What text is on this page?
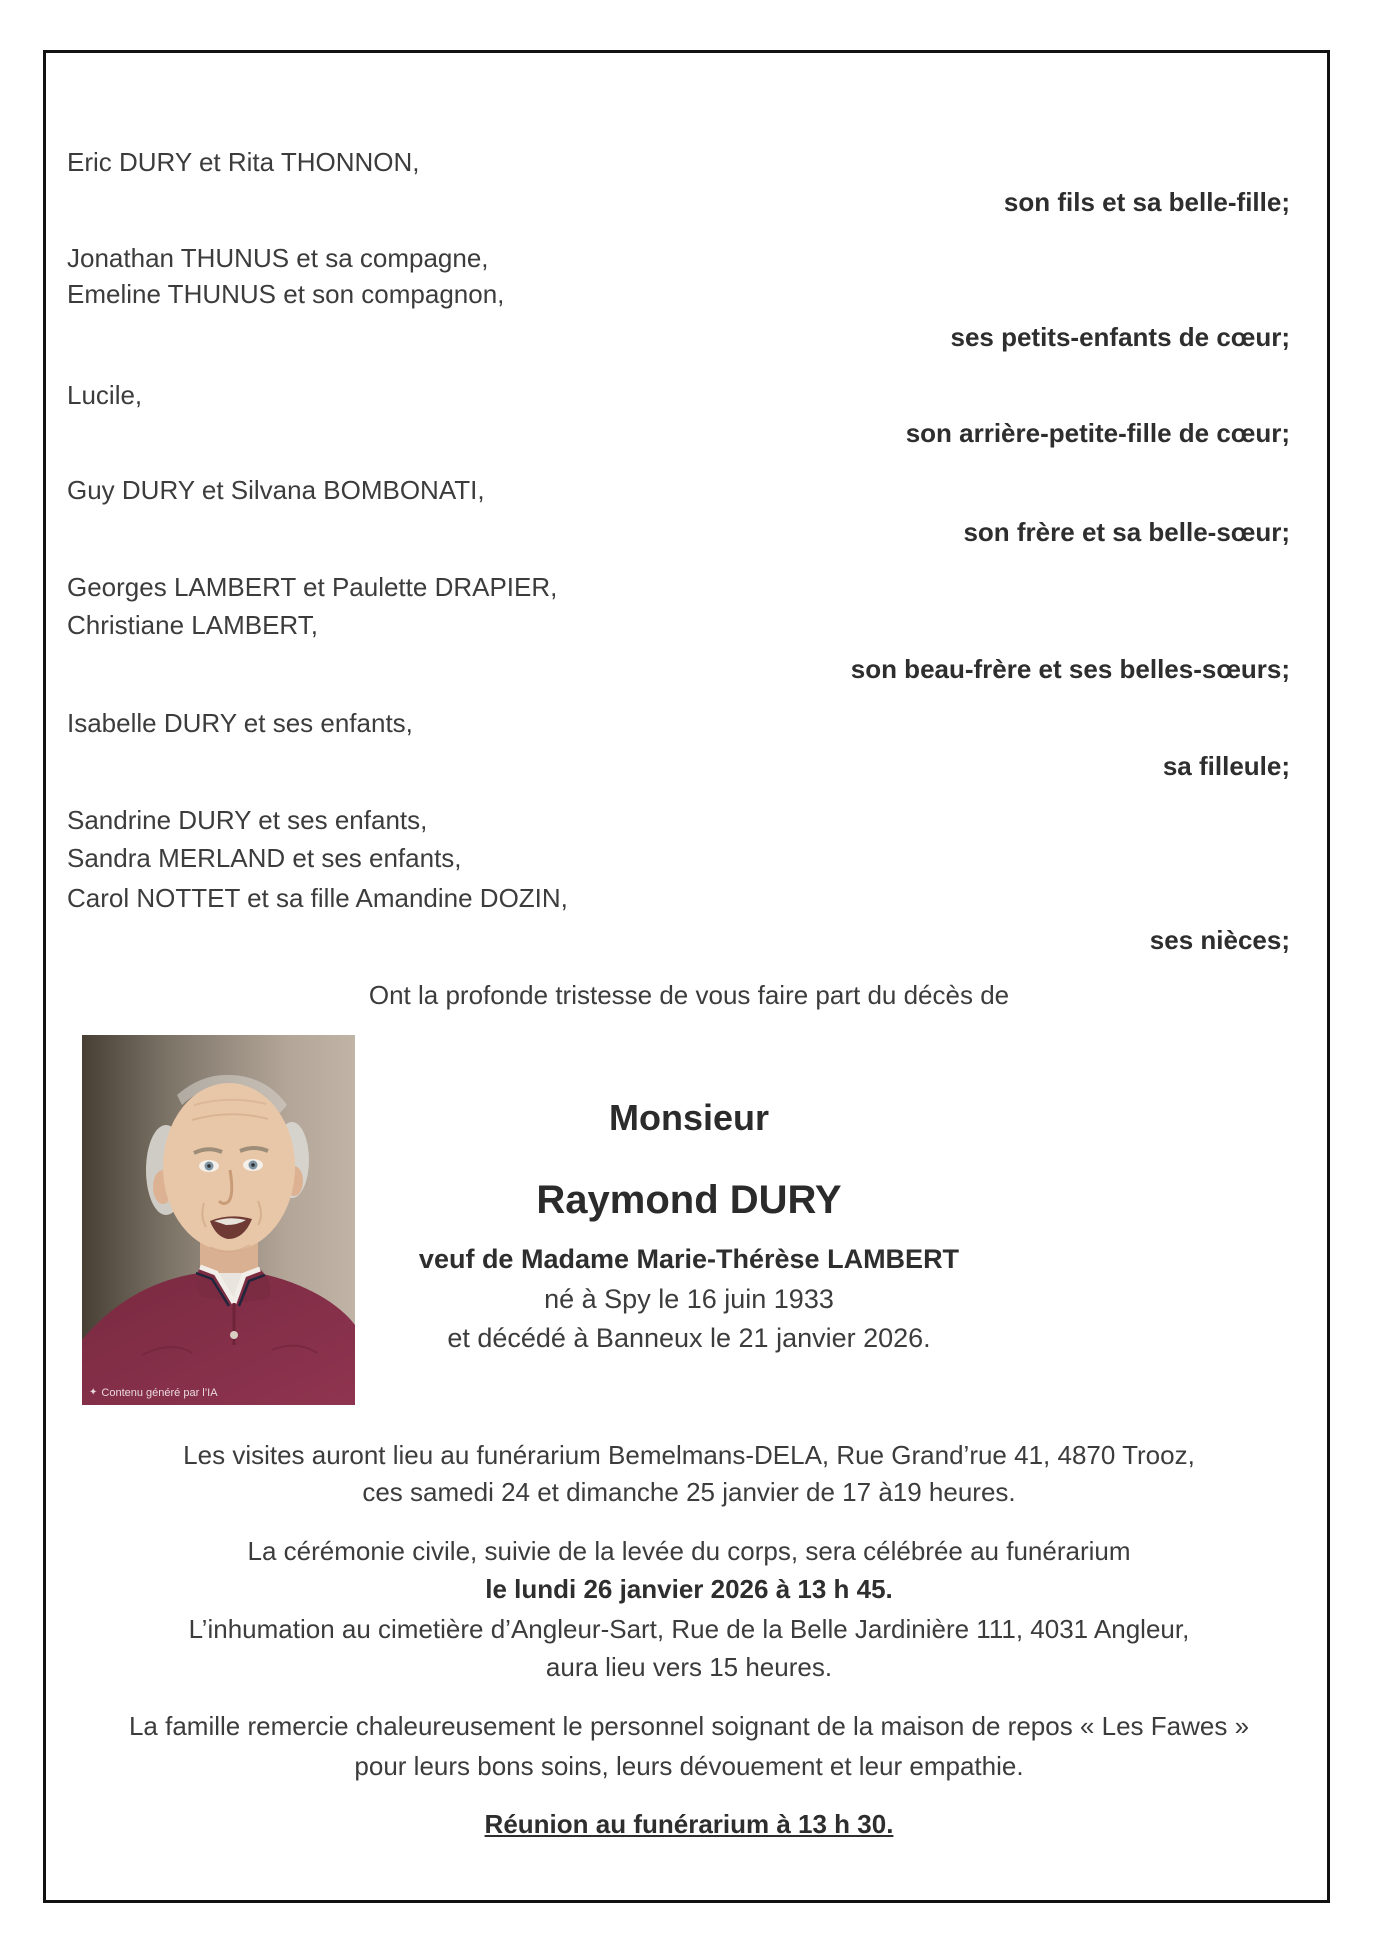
Eric DURY et Rita THONNON,
son fils et sa belle-fille;
Jonathan THUNUS et sa compagne,
Emeline THUNUS et son compagnon,
ses petits-enfants de cœur;
Lucile,
son arrière-petite-fille de cœur;
Guy DURY et Silvana BOMBONATI,
son frère et sa belle-sœur;
Georges LAMBERT et Paulette DRAPIER,
Christiane LAMBERT,
son beau-frère et ses belles-sœurs;
Isabelle DURY et ses enfants,
sa filleule;
Sandrine DURY et ses enfants,
Sandra MERLAND et ses enfants,
Carol NOTTET et sa fille Amandine DOZIN,
ses nièces;
Ont la profonde tristesse de vous faire part du décès de
✦ Contenu généré par l’IA
Monsieur
Raymond DURY
veuf de Madame Marie-Thérèse LAMBERT
né à Spy le 16 juin 1933
et décédé à Banneux le 21 janvier 2026.
Les visites auront lieu au funérarium Bemelmans-DELA, Rue Grand’rue 41, 4870 Trooz,
ces samedi 24 et dimanche 25 janvier de 17 à19 heures.
La cérémonie civile, suivie de la levée du corps, sera célébrée au funérarium
le lundi 26 janvier 2026 à 13 h 45.
L’inhumation au cimetière d’Angleur-Sart, Rue de la Belle Jardinière 111, 4031 Angleur,
aura lieu vers 15 heures.
La famille remercie chaleureusement le personnel soignant de la maison de repos « Les Fawes »
pour leurs bons soins, leurs dévouement et leur empathie.
Réunion au funérarium à 13 h 30.
